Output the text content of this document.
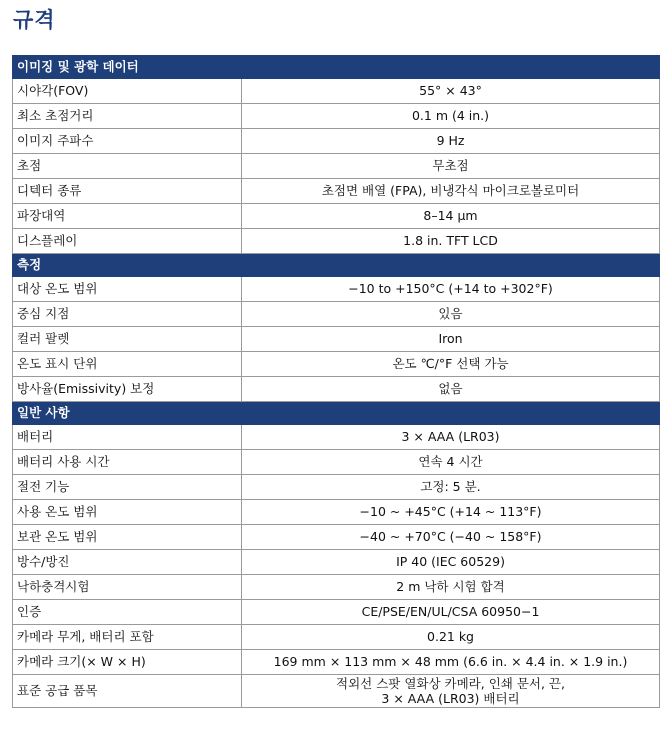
규격
이미징 및 광학 데이터	
시야각(FOV)	55° × 43°
최소 초점거리	0.1 m (4 in.)
이미지 주파수	9 Hz
초점	무초점
디텍터 종류	초점면 배열 (FPA), 비냉각식 마이크로볼로미터
파장대역	8–14 μm
디스플레이	1.8 in. TFT LCD
측정	
대상 온도 범위	−10 to +150°C (+14 to +302°F)
중심 지점	있음
컬러 팔렛	Iron
온도 표시 단위	온도 ℃/°F 선택 가능
방사율(Emissivity) 보정	없음
일반 사항	
배터리	3 × AAA (LR03)
배터리 사용 시간	연속 4 시간
절전 기능	고정: 5 분.
사용 온도 범위	−10 ~ +45°C (+14 ~ 113°F)
보관 온도 범위	−40 ~ +70°C (−40 ~ 158°F)
방수/방진	IP 40 (IEC 60529)
낙하충격시험	2 m 낙하 시험 합격
인증	CE/PSE/EN/UL/CSA 60950−1
카메라 무게, 배터리 포함	0.21 kg
카메라 크기(× W × H)	169 mm × 113 mm × 48 mm (6.6 in. × 4.4 in. × 1.9 in.)
표준 공급 품목	적외선 스팟 열화상 카메라, 인쇄 문서, 끈,
3 × AAA (LR03) 배터리
